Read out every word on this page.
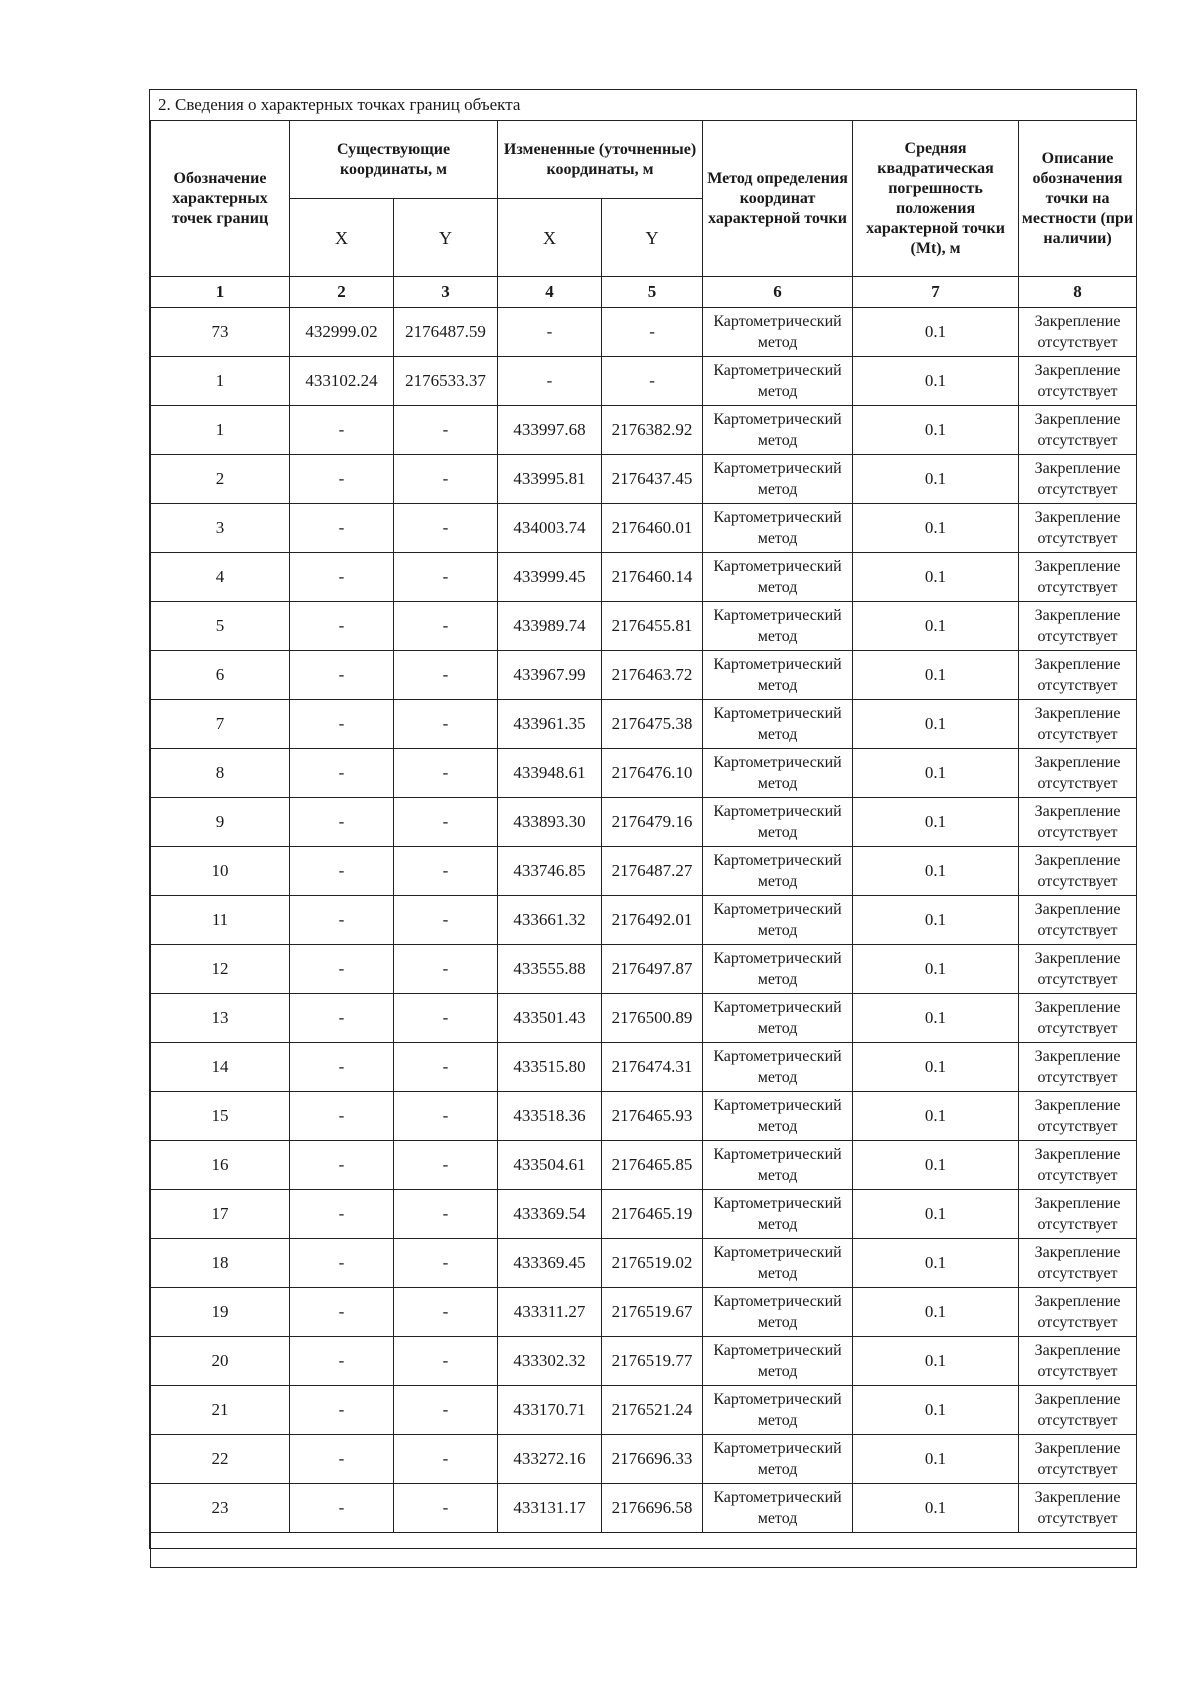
2. Сведения о характерных точках границ объекта
Обозначение характерных точек границ	Существующие координаты, м		Измененные (уточненные) координаты, м		Метод определения координат характерной точки	Средняя квадратическая погрешность положения характерной точки (Mt), м	Описание обозначения точки на местности (при наличии)
	X	Y	X	Y			
1	2	3	4	5	6	7	8
73	432999.02	2176487.59	-	-	Картометрический метод	0.1	Закрепление отсутствует
1	433102.24	2176533.37	-	-	Картометрический метод	0.1	Закрепление отсутствует
1	-	-	433997.68	2176382.92	Картометрический метод	0.1	Закрепление отсутствует
2	-	-	433995.81	2176437.45	Картометрический метод	0.1	Закрепление отсутствует
3	-	-	434003.74	2176460.01	Картометрический метод	0.1	Закрепление отсутствует
4	-	-	433999.45	2176460.14	Картометрический метод	0.1	Закрепление отсутствует
5	-	-	433989.74	2176455.81	Картометрический метод	0.1	Закрепление отсутствует
6	-	-	433967.99	2176463.72	Картометрический метод	0.1	Закрепление отсутствует
7	-	-	433961.35	2176475.38	Картометрический метод	0.1	Закрепление отсутствует
8	-	-	433948.61	2176476.10	Картометрический метод	0.1	Закрепление отсутствует
9	-	-	433893.30	2176479.16	Картометрический метод	0.1	Закрепление отсутствует
10	-	-	433746.85	2176487.27	Картометрический метод	0.1	Закрепление отсутствует
11	-	-	433661.32	2176492.01	Картометрический метод	0.1	Закрепление отсутствует
12	-	-	433555.88	2176497.87	Картометрический метод	0.1	Закрепление отсутствует
13	-	-	433501.43	2176500.89	Картометрический метод	0.1	Закрепление отсутствует
14	-	-	433515.80	2176474.31	Картометрический метод	0.1	Закрепление отсутствует
15	-	-	433518.36	2176465.93	Картометрический метод	0.1	Закрепление отсутствует
16	-	-	433504.61	2176465.85	Картометрический метод	0.1	Закрепление отсутствует
17	-	-	433369.54	2176465.19	Картометрический метод	0.1	Закрепление отсутствует
18	-	-	433369.45	2176519.02	Картометрический метод	0.1	Закрепление отсутствует
19	-	-	433311.27	2176519.67	Картометрический метод	0.1	Закрепление отсутствует
20	-	-	433302.32	2176519.77	Картометрический метод	0.1	Закрепление отсутствует
21	-	-	433170.71	2176521.24	Картометрический метод	0.1	Закрепление отсутствует
22	-	-	433272.16	2176696.33	Картометрический метод	0.1	Закрепление отсутствует
23	-	-	433131.17	2176696.58	Картометрический метод	0.1	Закрепление отсутствует
